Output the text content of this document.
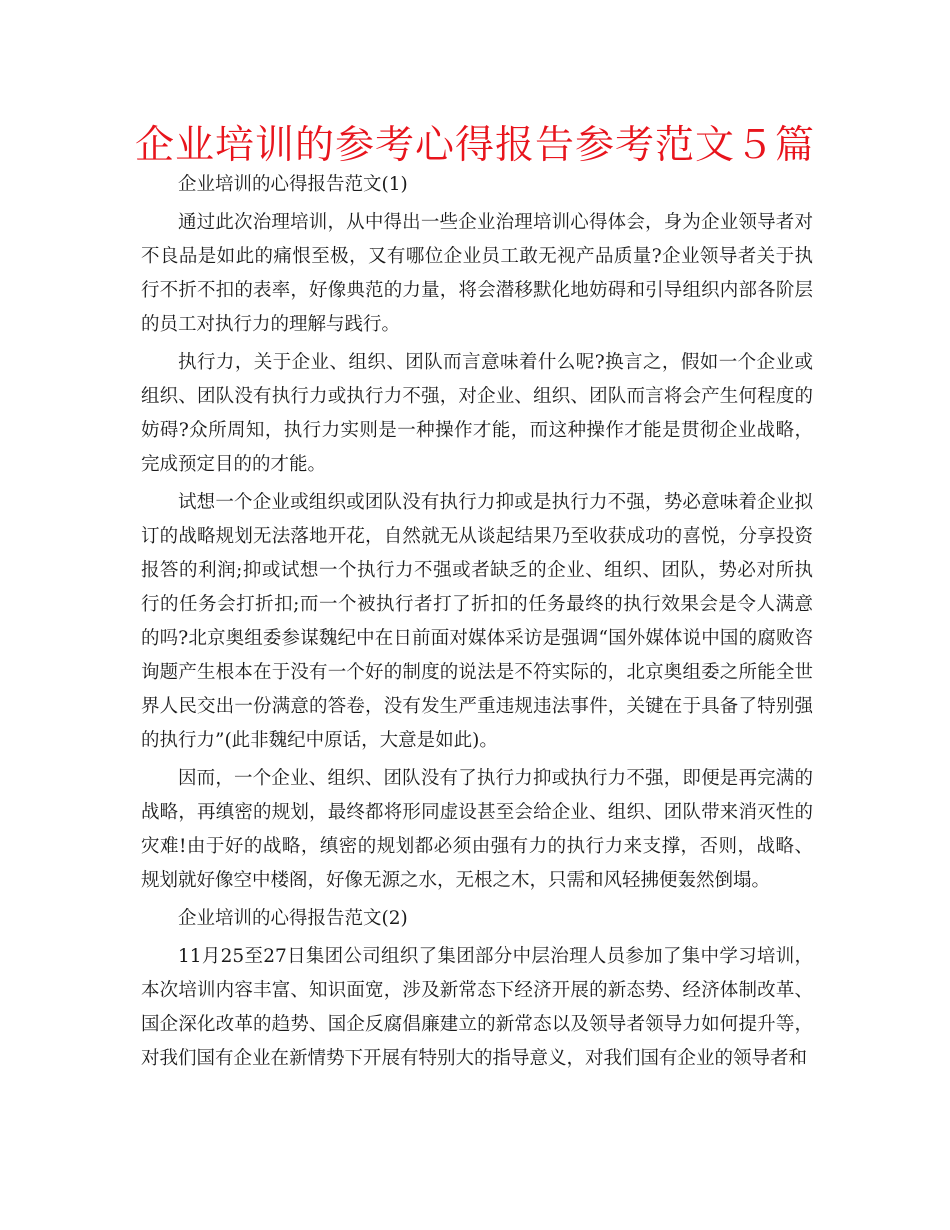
企业培训的参考心得报告参考范文５篇

企业培训的心得报告范文(1)

通过此次治理培训，从中得出一些企业治理培训心得体会，身为企业领导者对不良品是如此的痛恨至极，又有哪位企业员工敢无视产品质量?企业领导者关于执行不折不扣的表率，好像典范的力量，将会潜移默化地妨碍和引导组织内部各阶层的员工对执行力的理解与践行。

执行力，关于企业、组织、团队而言意味着什么呢?换言之，假如一个企业或组织、团队没有执行力或执行力不强，对企业、组织、团队而言将会产生何程度的妨碍?众所周知，执行力实则是一种操作才能，而这种操作才能是贯彻企业战略，完成预定目的的才能。

试想一个企业或组织或团队没有执行力抑或是执行力不强，势必意味着企业拟订的战略规划无法落地开花，自然就无从谈起结果乃至收获成功的喜悦，分享投资报答的利润;抑或试想一个执行力不强或者缺乏的企业、组织、团队，势必对所执行的任务会打折扣;而一个被执行者打了折扣的任务最终的执行效果会是令人满意的吗?北京奥组委参谋魏纪中在日前面对媒体采访是强调“国外媒体说中国的腐败咨询题产生根本在于没有一个好的制度的说法是不符实际的，北京奥组委之所能全世界人民交出一份满意的答卷，没有发生严重违规违法事件，关键在于具备了特别强的执行力”(此非魏纪中原话，大意是如此)。

因而，一个企业、组织、团队没有了执行力抑或执行力不强，即便是再完满的战略，再缜密的规划，最终都将形同虚设甚至会给企业、组织、团队带来消灭性的灾难!由于好的战略，缜密的规划都必须由强有力的执行力来支撑，否则，战略、规划就好像空中楼阁，好像无源之水，无根之木，只需和风轻拂便轰然倒塌。

企业培训的心得报告范文(2)

11月25至27日集团公司组织了集团部分中层治理人员参加了集中学习培训，本次培训内容丰富、知识面宽，涉及新常态下经济开展的新态势、经济体制改革、国企深化改革的趋势、国企反腐倡廉建立的新常态以及领导者领导力如何提升等，对我们国有企业在新情势下开展有特别大的指导意义，对我们国有企业的领导者和
